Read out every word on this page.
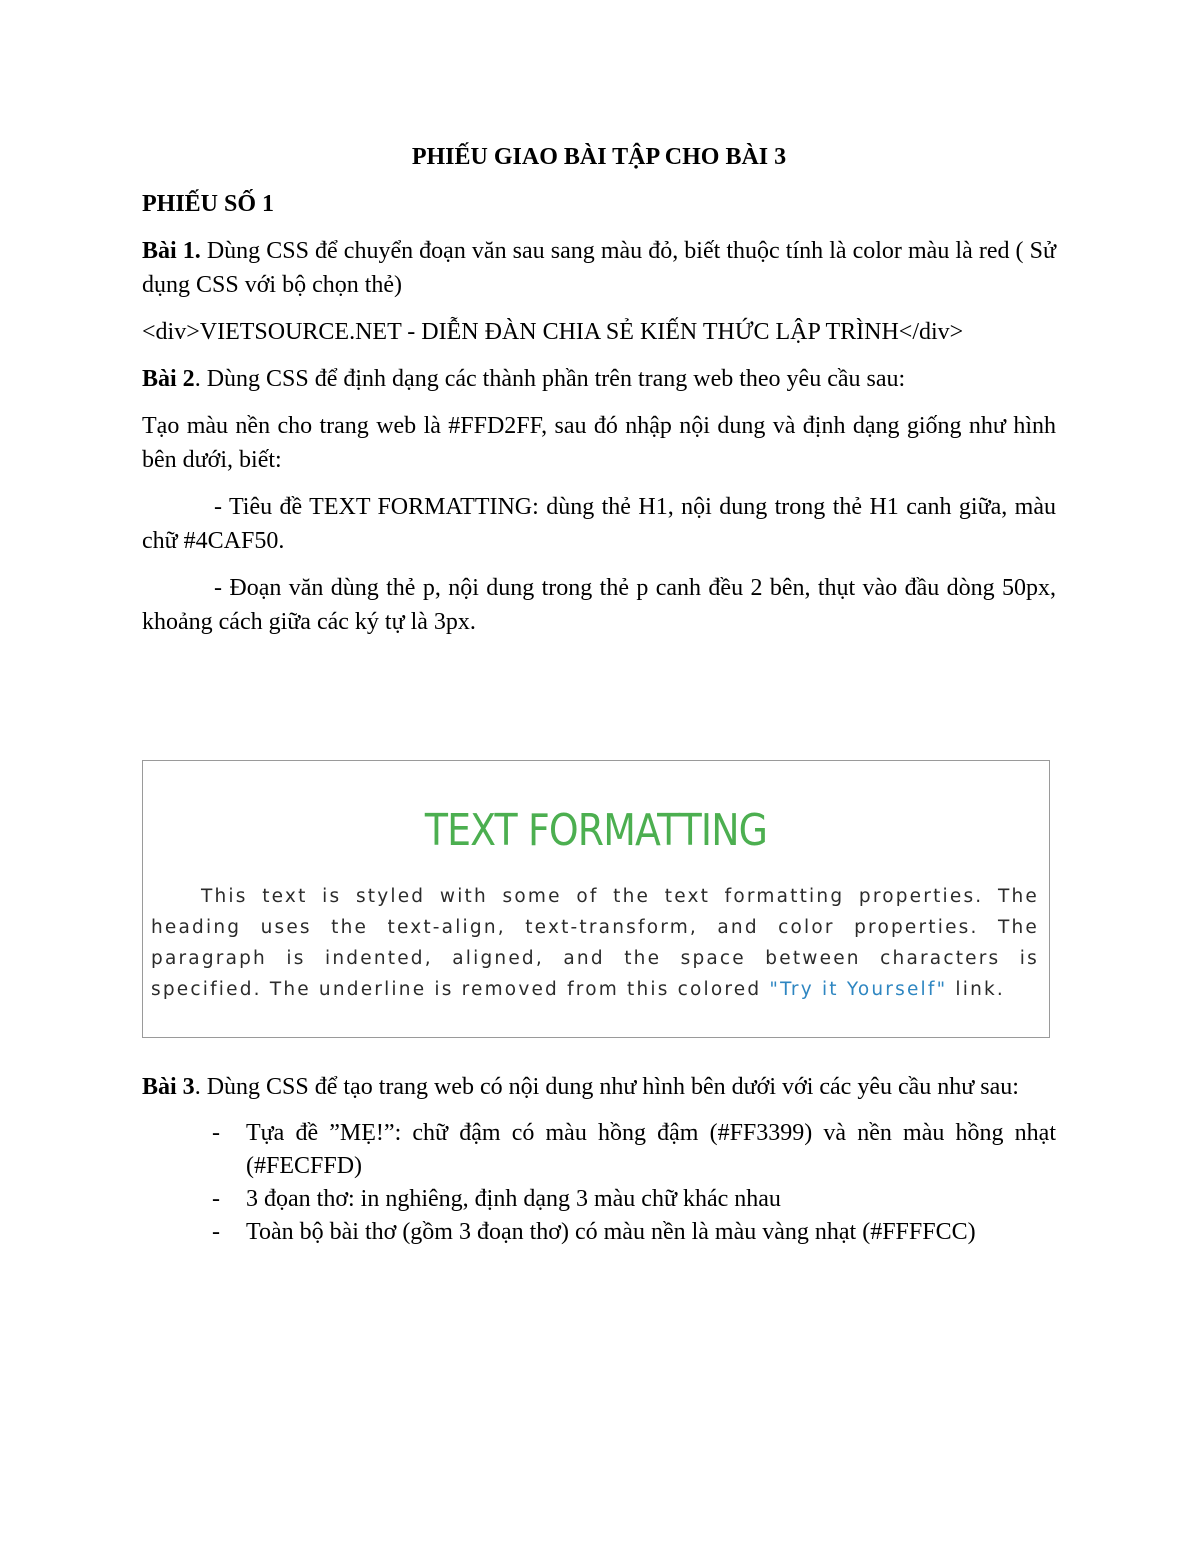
PHIẾU GIAO BÀI TẬP CHO BÀI 3
PHIẾU SỐ 1
Bài 1. Dùng CSS để chuyển đoạn văn sau sang màu đỏ, biết thuộc tính là color màu là red ( Sử dụng CSS với bộ chọn thẻ)
<div>VIETSOURCE.NET - DIỄN ĐÀN CHIA SẺ KIẾN THỨC LẬP TRÌNH</div>
Bài 2. Dùng CSS để định dạng các thành phần trên trang web theo yêu cầu sau:
Tạo màu nền cho trang web là #FFD2FF, sau đó nhập nội dung và định dạng giống như hình bên dưới, biết:
- Tiêu đề TEXT FORMATTING: dùng thẻ H1, nội dung trong thẻ H1 canh giữa, màu chữ #4CAF50.
- Đoạn văn dùng thẻ p, nội dung trong thẻ p canh đều 2 bên, thụt vào đầu dòng 50px, khoảng cách giữa các ký tự là 3px.
TEXT FORMATTING
This text is styled with some of the text formatting properties. The heading uses the text-align, text-transform, and color properties. The paragraph is indented, aligned, and the space between characters is specified. The underline is removed from this colored "Try it Yourself" link.
Bài 3. Dùng CSS để tạo trang web có nội dung như hình bên dưới với các yêu cầu như sau:
- Tựa đề ”MẸ!”: chữ đậm có màu hồng đậm (#FF3399) và nền màu hồng nhạt (#FECFFD)
- 3 đọan thơ: in nghiêng, định dạng 3 màu chữ khác nhau
- Toàn bộ bài thơ (gồm 3 đoạn thơ) có màu nền là màu vàng nhạt (#FFFFCC)
